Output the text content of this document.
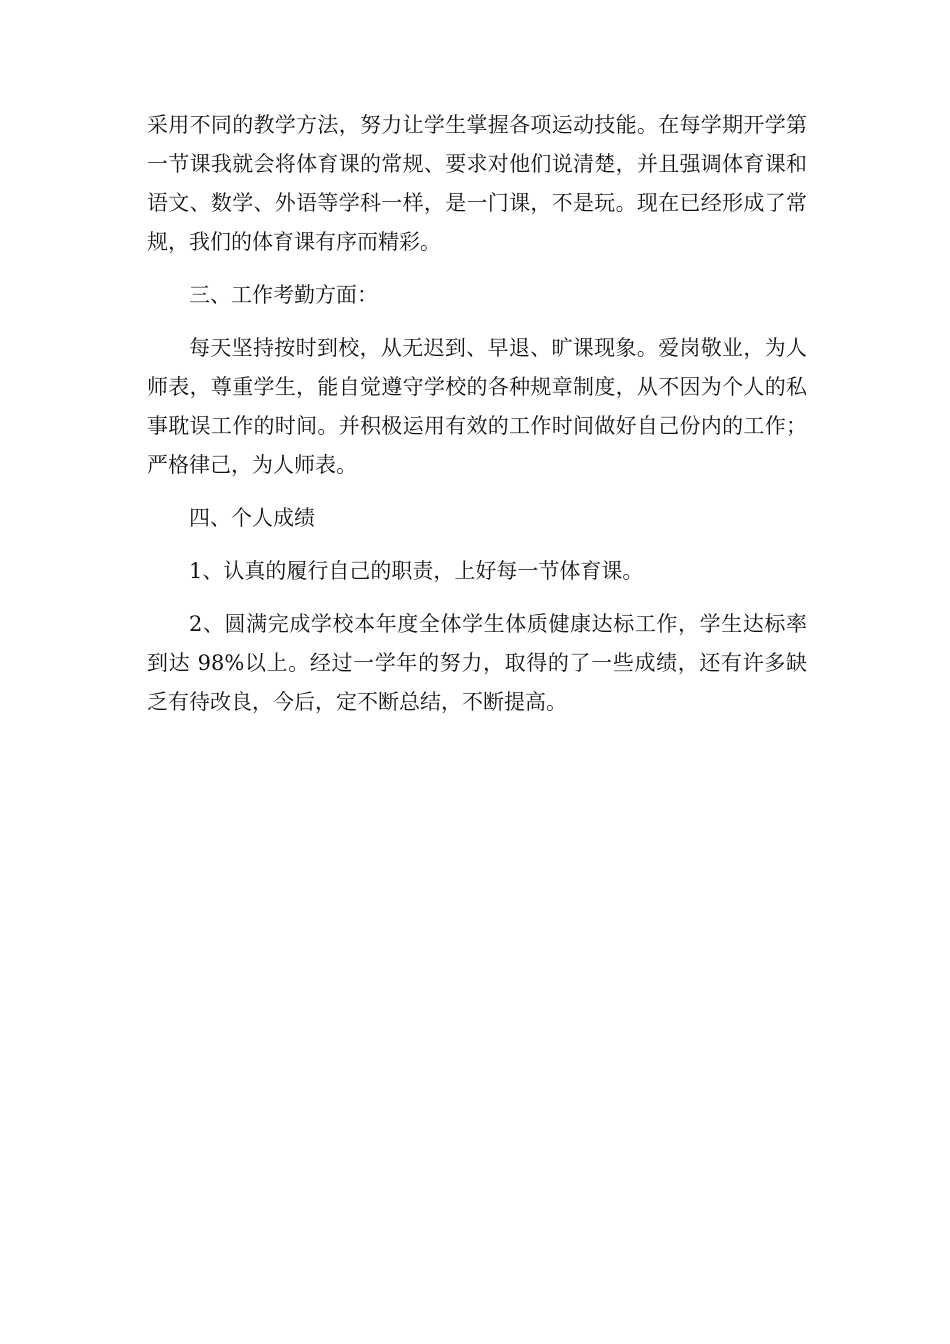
采用不同的教学方法，努力让学生掌握各项运动技能。在每学期开学第一节课我就会将体育课的常规、要求对他们说清楚，并且强调体育课和语文、数学、外语等学科一样，是一门课，不是玩。现在已经形成了常规，我们的体育课有序而精彩。

三、工作考勤方面：

每天坚持按时到校，从无迟到、早退、旷课现象。爱岗敬业，为人师表，尊重学生，能自觉遵守学校的各种规章制度，从不因为个人的私事耽误工作的时间。并积极运用有效的工作时间做好自己份内的工作；严格律己，为人师表。

四、个人成绩

1、认真的履行自己的职责，上好每一节体育课。

2、圆满完成学校本年度全体学生体质健康达标工作，学生达标率到达 98%以上。经过一学年的努力，取得的了一些成绩，还有许多缺乏有待改良，今后，定不断总结，不断提高。
